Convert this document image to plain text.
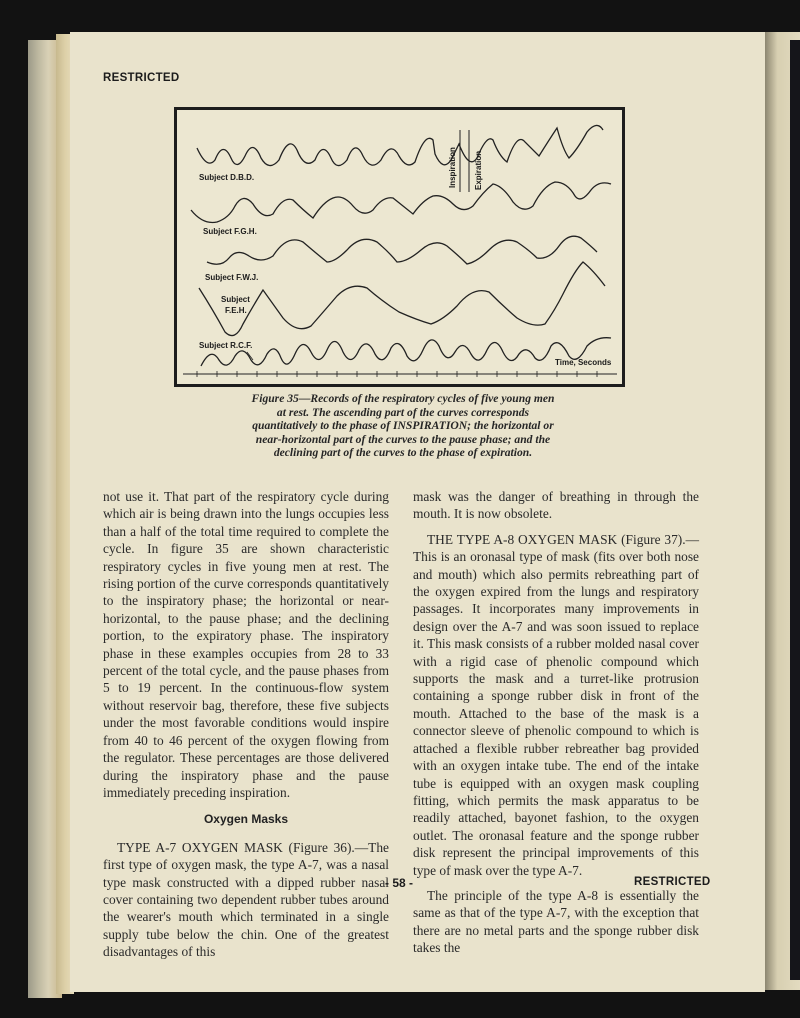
RESTRICTED
Subject D.B.D.
Subject F.G.H.
Subject F.W.J.
Subject
F.E.H.
Subject R.C.F.
Inspiration Expiration
Time, Seconds
Figure 35—Records of the respiratory cycles of five young men at rest. The ascending part of the curves corresponds quantitatively to the phase of INSPIRATION; the horizontal or near-horizontal part of the curves to the pause phase; and the declining part of the curves to the phase of expiration.

not use it. That part of the respiratory cycle during which air is being drawn into the lungs occupies less than a half of the total time required to complete the cycle. In figure 35 are shown characteristic respiratory cycles in five young men at rest. The rising portion of the curve corresponds quantitatively to the inspiratory phase; the horizontal or near-horizontal, to the pause phase; and the declining portion, to the expiratory phase. The inspiratory phase in these examples occupies from 28 to 33 percent of the total cycle, and the pause phases from 5 to 19 percent. In the continuous-flow system without reservoir bag, therefore, these five subjects under the most favorable conditions would inspire from 40 to 46 percent of the oxygen flowing from the regulator. These percentages are those delivered during the inspiratory phase and the pause immediately preceding inspiration.

Oxygen Masks

TYPE A-7 OXYGEN MASK (Figure 36).—The first type of oxygen mask, the type A-7, was a nasal type mask constructed with a dipped rubber nasal cover containing two dependent rubber tubes around the wearer's mouth which terminated in a single supply tube below the chin. One of the greatest disadvantages of this

mask was the danger of breathing in through the mouth. It is now obsolete.

THE TYPE A-8 OXYGEN MASK (Figure 37).—This is an oronasal type of mask (fits over both nose and mouth) which also permits rebreathing part of the oxygen expired from the lungs and respiratory passages. It incorporates many improvements in design over the A-7 and was soon issued to replace it. This mask consists of a rubber molded nasal cover with a rigid case of phenolic compound which supports the mask and a turret-like protrusion containing a sponge rubber disk in front of the mouth. Attached to the base of the mask is a connector sleeve of phenolic compound to which is attached a flexible rubber rebreather bag provided with an oxygen intake tube. The end of the intake tube is equipped with an oxygen mask coupling fitting, which permits the mask apparatus to be readily attached, bayonet fashion, to the oxygen outlet. The oronasal feature and the sponge rubber disk represent the principal improvements of this type of mask over the type A-7.

The principle of the type A-8 is essentially the same as that of the type A-7, with the exception that there are no metal parts and the sponge rubber disk takes the

- 58 -	RESTRICTED
